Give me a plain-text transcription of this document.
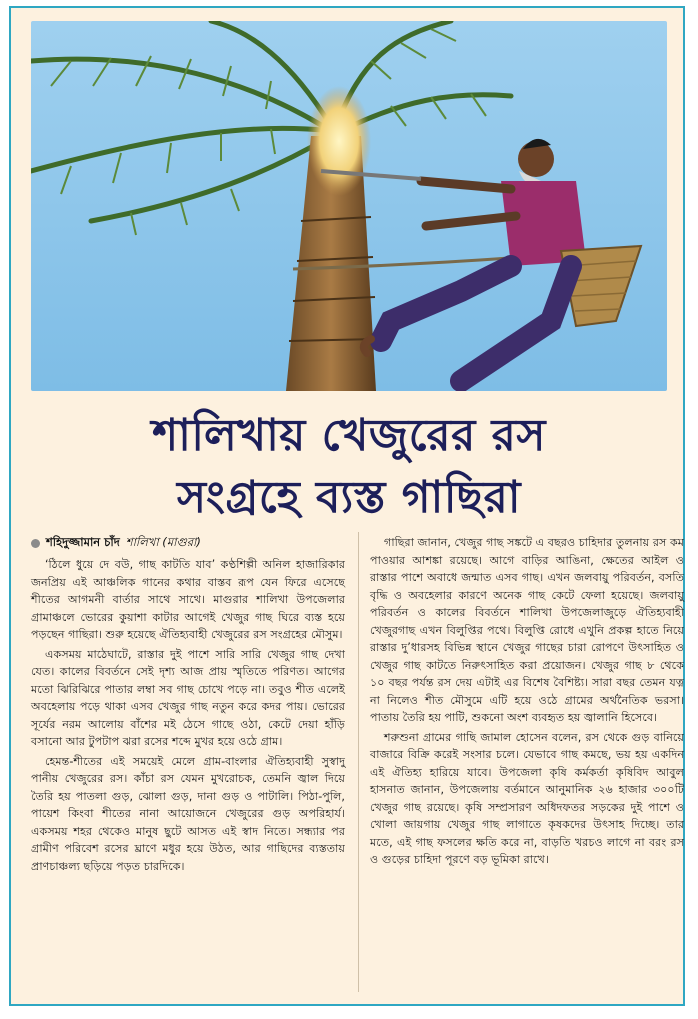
শালিখায় খেজুরের রস
সংগ্রহে ব্যস্ত গাছিরা
শহিদুজ্জামান চাঁদ শালিখা (মাগুরা)

‘ঠিলে ধুয়ে দে বউ, গাছ কাটতি যাব’ কণ্ঠশিল্পী অনিল হাজারিকার জনপ্রিয় এই আঞ্চলিক গানের কথার বাস্তব রূপ যেন ফিরে এসেছে শীতের আগমনী বার্তার সাথে সাথে। মাগুরার শালিখা উপজেলার গ্রামাঞ্চলে ভোরের কুয়াশা কাটার আগেই খেজুর গাছ ঘিরে ব্যস্ত হয়ে পড়ছেন গাছিরা। শুরু হয়েছে ঐতিহ্যবাহী খেজুরের রস সংগ্রহের মৌসুম।

একসময় মাঠেঘাটে, রাস্তার দুই পাশে সারি সারি খেজুর গাছ দেখা যেত। কালের বিবর্তনে সেই দৃশ্য আজ প্রায় স্মৃতিতে পরিণত। আগের মতো ঝিরিঝিরে পাতার লম্বা সব গাছ চোখে পড়ে না। তবুও শীত এলেই অবহেলায় পড়ে থাকা এসব খেজুর গাছ নতুন করে কদর পায়। ভোরের সূর্যের নরম আলোয় বাঁশের মই ঠেসে গাছে ওঠা, কেটে দেয়া হাঁড়ি বসানো আর টুপটাপ ঝরা রসের শব্দে মুখর হয়ে ওঠে গ্রাম।

হেমন্ত-শীতের এই সময়েই মেলে গ্রাম-বাংলার ঐতিহ্যবাহী সুস্বাদু পানীয় খেজুরের রস। কাঁচা রস যেমন মুখরোচক, তেমনি জ্বাল দিয়ে তৈরি হয় পাতলা গুড়, ঝোলা গুড়, দানা গুড় ও পাটালি। পিঠা-পুলি, পায়েশ কিংবা শীতের নানা আয়োজনে খেজুরের গুড় অপরিহার্য। একসময় শহর থেকেও মানুষ ছুটে আসত এই স্বাদ নিতে। সন্ধ্যার পর গ্রামীণ পরিবেশ রসের ঘ্রাণে মধুর হয়ে উঠত, আর গাছিদের ব্যস্ততায় প্রাণচাঞ্চল্য ছড়িয়ে পড়ত চারদিকে।

গাছিরা জানান, খেজুর গাছ সঙ্কটে এ বছরও চাহিদার তুলনায় রস কম পাওয়ার আশঙ্কা রয়েছে। আগে বাড়ির আঙিনা, ক্ষেতের আইল ও রাস্তার পাশে অবাধে জন্মাত এসব গাছ। এখন জলবায়ু পরিবর্তন, বসতি বৃদ্ধি ও অবহেলার কারণে অনেক গাছ কেটে ফেলা হয়েছে। জলবায়ু পরিবর্তন ও কালের বিবর্তনে শালিখা উপজেলাজুড়ে ঐতিহ্যবাহী খেজুরগাছ এখন বিলুপ্তির পথে। বিলুপ্তি রোধে এখুনি প্রকল্প হাতে নিয়ে রাস্তার দু’ধারসহ বিভিন্ন স্থানে খেজুর গাছের চারা রোপণে উৎসাহিত ও খেজুর গাছ কাটতে নিরুৎসাহিত করা প্রয়োজন। খেজুর গাছ ৮ থেকে ১০ বছর পর্যন্ত রস দেয় এটাই এর বিশেষ বৈশিষ্ট্য। সারা বছর তেমন যত্ন না নিলেও শীত মৌসুমে এটি হয়ে ওঠে গ্রামের অর্থনৈতিক ভরসা। পাতায় তৈরি হয় পাটি, শুকনো অংশ ব্যবহৃত হয় জ্বালানি হিসেবে।

শরুশুনা গ্রামের গাছি জামাল হোসেন বলেন, রস থেকে গুড় বানিয়ে বাজারে বিক্রি করেই সংসার চলে। যেভাবে গাছ কমছে, ভয় হয় একদিন এই ঐতিহ্য হারিয়ে যাবে। উপজেলা কৃষি কর্মকর্তা কৃষিবিদ আবুল হাসনাত জানান, উপজেলায় বর্তমানে আনুমানিক ২৬ হাজার ৩০০টি খেজুর গাছ রয়েছে। কৃষি সম্প্রসারণ অধিদফতর সড়কের দুই পাশে ও খোলা জায়গায় খেজুর গাছ লাগাতে কৃষকদের উৎসাহ দিচ্ছে। তার মতে, এই গাছ ফসলের ক্ষতি করে না, বাড়তি খরচও লাগে না বরং রস ও গুড়ের চাহিদা পূরণে বড় ভূমিকা রাখে।
